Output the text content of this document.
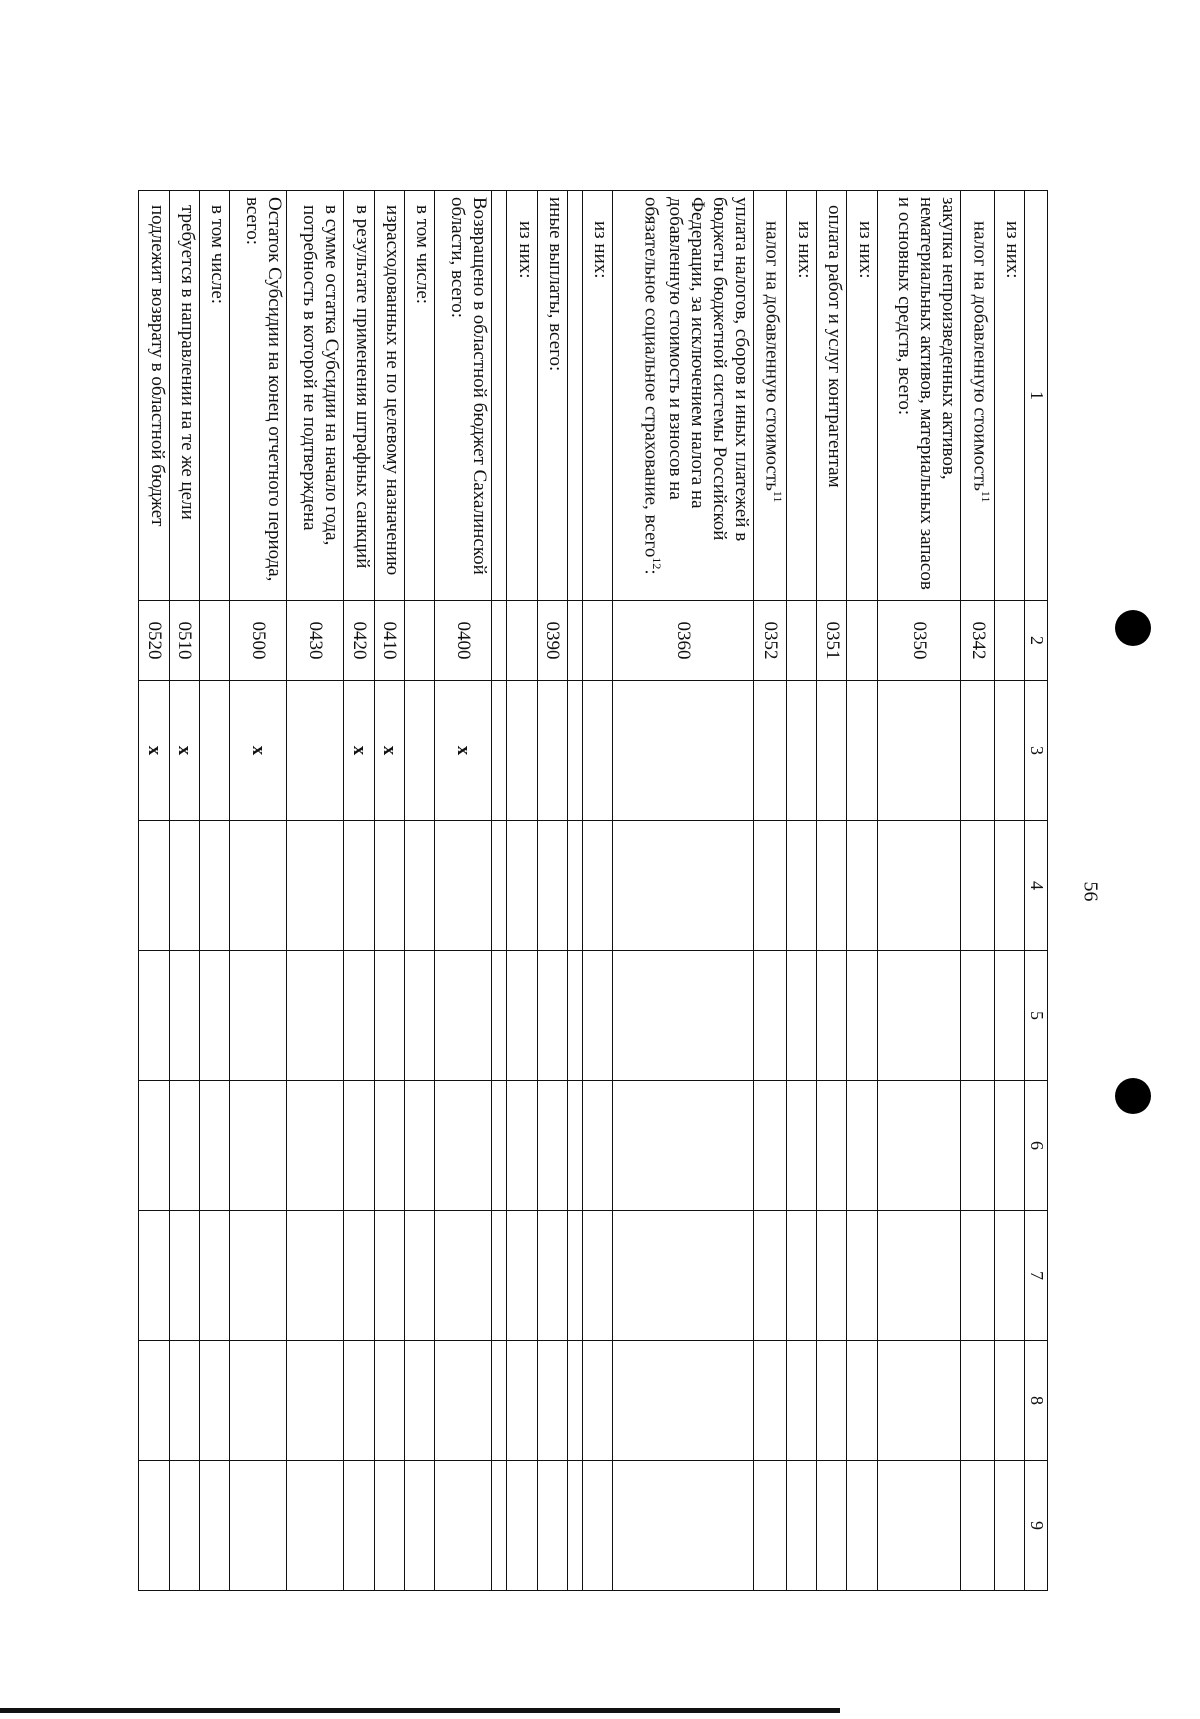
56
1	2	3	4	5	6	7	8	9
из них:								
налог на добавленную стоимость$^{11}$	0342							
закупка непроизведенных активов, нематериальных активов, материальных запасов и основных средств, всего:	0350							
из них:								
оплата работ и услуг контрагентам	0351							
из них:								
налог на добавленную стоимость$^{11}$	0352							
уплата налогов, сборов и иных платежей в бюджеты бюджетной системы Российской Федерации, за исключением налога на добавленную стоимость и взносов на обязательное социальное страхование, всего$^{12}$:	0360							
из них:								

иные выплаты, всего:	0390							
из них:								

Возвращено в областной бюджет Сахалинской области, всего:	0400	x						
в том числе:								
израсходованных не по целевому назначению	0410	x						
в результате применения штрафных санкций	0420	x						
в сумме остатка Субсидии на начало года, потребность в которой не подтверждена	0430							
Остаток Субсидии на конец отчетного периода, всего:	0500	x						
в том числе:								
требуется в направлении на те же цели	0510	x						
подлежит возврату в областной бюджет	0520	x						
